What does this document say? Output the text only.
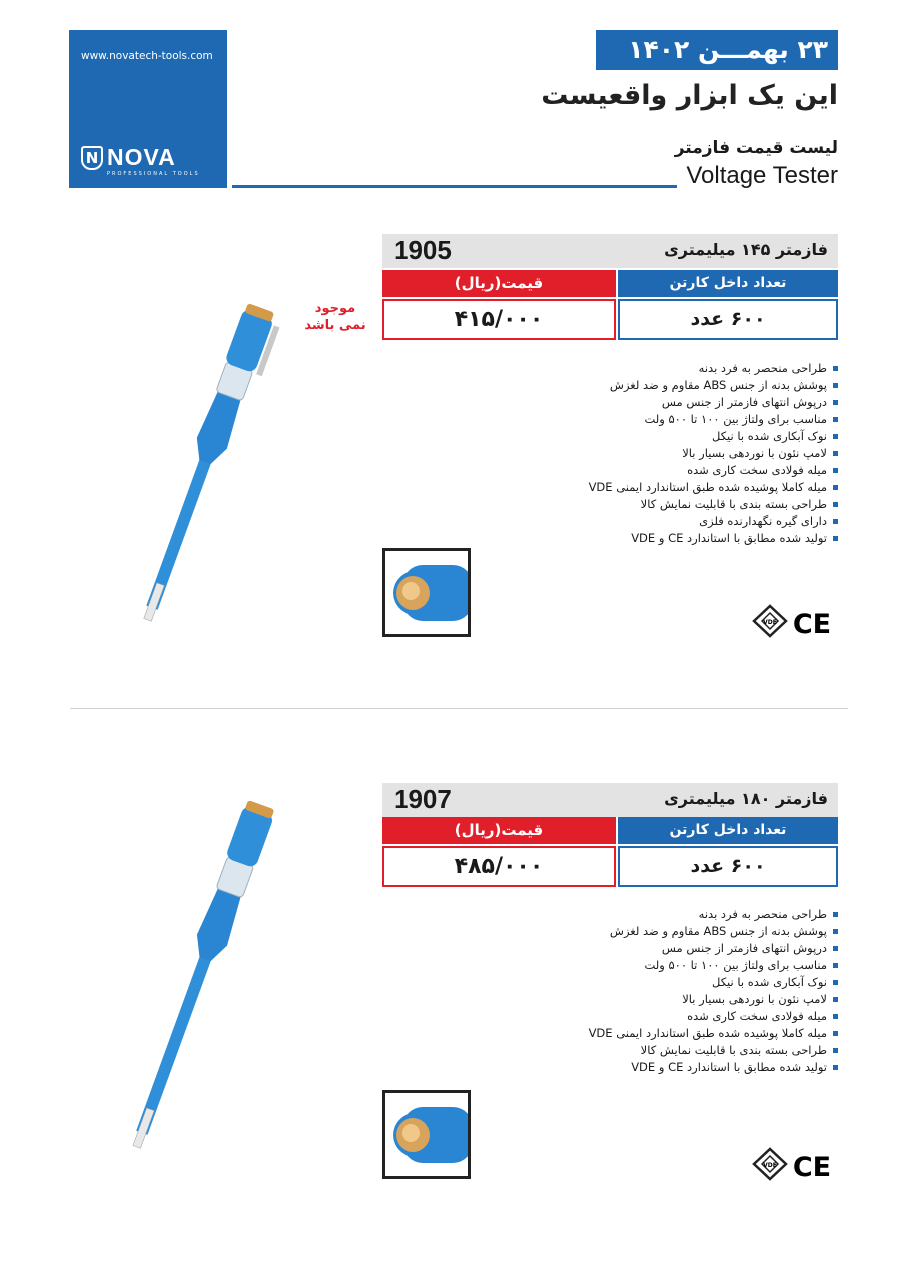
www.novatech-tools.com
N NOVA
PROFESSIONAL TOOLS
۲۳ بهمـــن ۱۴۰۲
این یک ابزار واقعیست
لیست قیمت فازمتر
Voltage Tester
موجود نمی باشد
1905	فازمتر ۱۴۵ میلیمتری
قیمت(ریال)	تعداد داخل کارتن
۴۱۵/۰۰۰	۶۰۰ عدد
طراحی منحصر به فرد بدنه
پوشش بدنه از جنس ABS مقاوم و ضد لغزش
درپوش انتهای فازمتر از جنس مس
مناسب برای ولتاژ بین ۱۰۰ تا ۵۰۰ ولت
نوک آبکاری شده با نیکل
لامپ نئون با نوردهی بسیار بالا
میله فولادی سخت کاری شده
میله کاملا پوشیده شده طبق استاندارد ایمنی VDE
طراحی بسته بندی با قابلیت نمایش کالا
دارای گیره نگهدارنده فلزی
تولید شده مطابق با استاندارد CE و VDE
VDE CE
1907	فازمتر ۱۸۰ میلیمتری
قیمت(ریال)	تعداد داخل کارتن
۴۸۵/۰۰۰	۶۰۰ عدد
طراحی منحصر به فرد بدنه
پوشش بدنه از جنس ABS مقاوم و ضد لغزش
درپوش انتهای فازمتر از جنس مس
مناسب برای ولتاژ بین ۱۰۰ تا ۵۰۰ ولت
نوک آبکاری شده با نیکل
لامپ نئون با نوردهی بسیار بالا
میله فولادی سخت کاری شده
میله کاملا پوشیده شده طبق استاندارد ایمنی VDE
طراحی بسته بندی با قابلیت نمایش کالا
تولید شده مطابق با استاندارد CE و VDE
VDE CE
